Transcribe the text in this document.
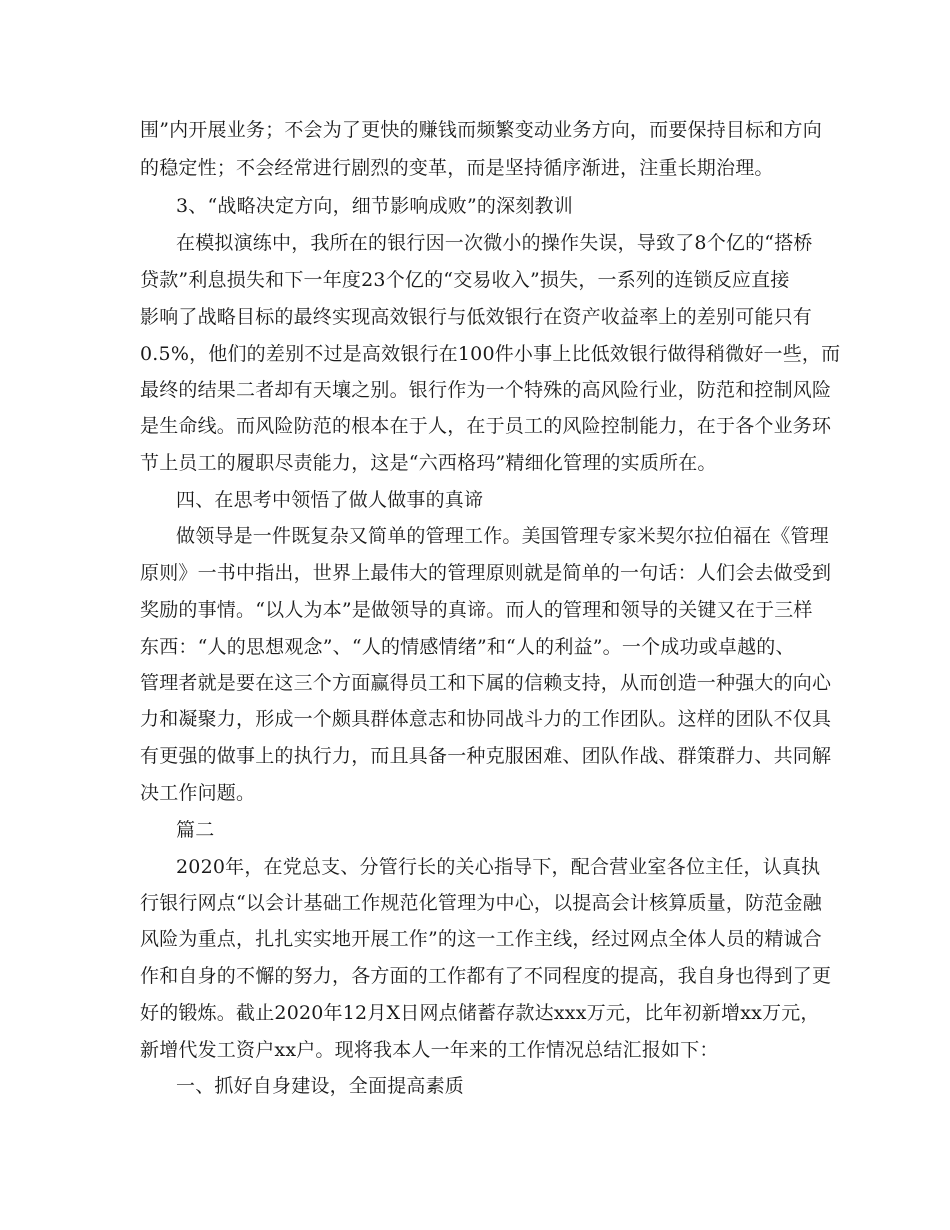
围”内开展业务；不会为了更快的赚钱而频繁变动业务方向，而要保持目标和方向
的稳定性；不会经常进行剧烈的变革，而是坚持循序渐进，注重长期治理。
3、“战略决定方向，细节影响成败”的深刻教训
在模拟演练中，我所在的银行因一次微小的操作失误，导致了8个亿的“搭桥
贷款”利息损失和下一年度23个亿的“交易收入”损失，一系列的连锁反应直接
影响了战略目标的最终实现高效银行与低效银行在资产收益率上的差别可能只有
0.5%，他们的差别不过是高效银行在100件小事上比低效银行做得稍微好一些，而
最终的结果二者却有天壤之别。银行作为一个特殊的高风险行业，防范和控制风险
是生命线。而风险防范的根本在于人，在于员工的风险控制能力，在于各个业务环
节上员工的履职尽责能力，这是“六西格玛”精细化管理的实质所在。
四、在思考中领悟了做人做事的真谛
做领导是一件既复杂又简单的管理工作。美国管理专家米契尔拉伯福在《管理
原则》一书中指出，世界上最伟大的管理原则就是简单的一句话：人们会去做受到
奖励的事情。“以人为本”是做领导的真谛。而人的管理和领导的关键又在于三样
东西：“人的思想观念”、“人的情感情绪”和“人的利益”。一个成功或卓越的、
管理者就是要在这三个方面赢得员工和下属的信赖支持，从而创造一种强大的向心
力和凝聚力，形成一个颇具群体意志和协同战斗力的工作团队。这样的团队不仅具
有更强的做事上的执行力，而且具备一种克服困难、团队作战、群策群力、共同解
决工作问题。
篇二
2020年，在党总支、分管行长的关心指导下，配合营业室各位主任，认真执
行银行网点“以会计基础工作规范化管理为中心，以提高会计核算质量，防范金融
风险为重点，扎扎实实地开展工作”的这一工作主线，经过网点全体人员的精诚合
作和自身的不懈的努力，各方面的工作都有了不同程度的提高，我自身也得到了更
好的锻炼。截止2020年12月X日网点储蓄存款达xxx万元，比年初新增xx万元，
新增代发工资户xx户。现将我本人一年来的工作情况总结汇报如下：
一、抓好自身建设，全面提高素质
